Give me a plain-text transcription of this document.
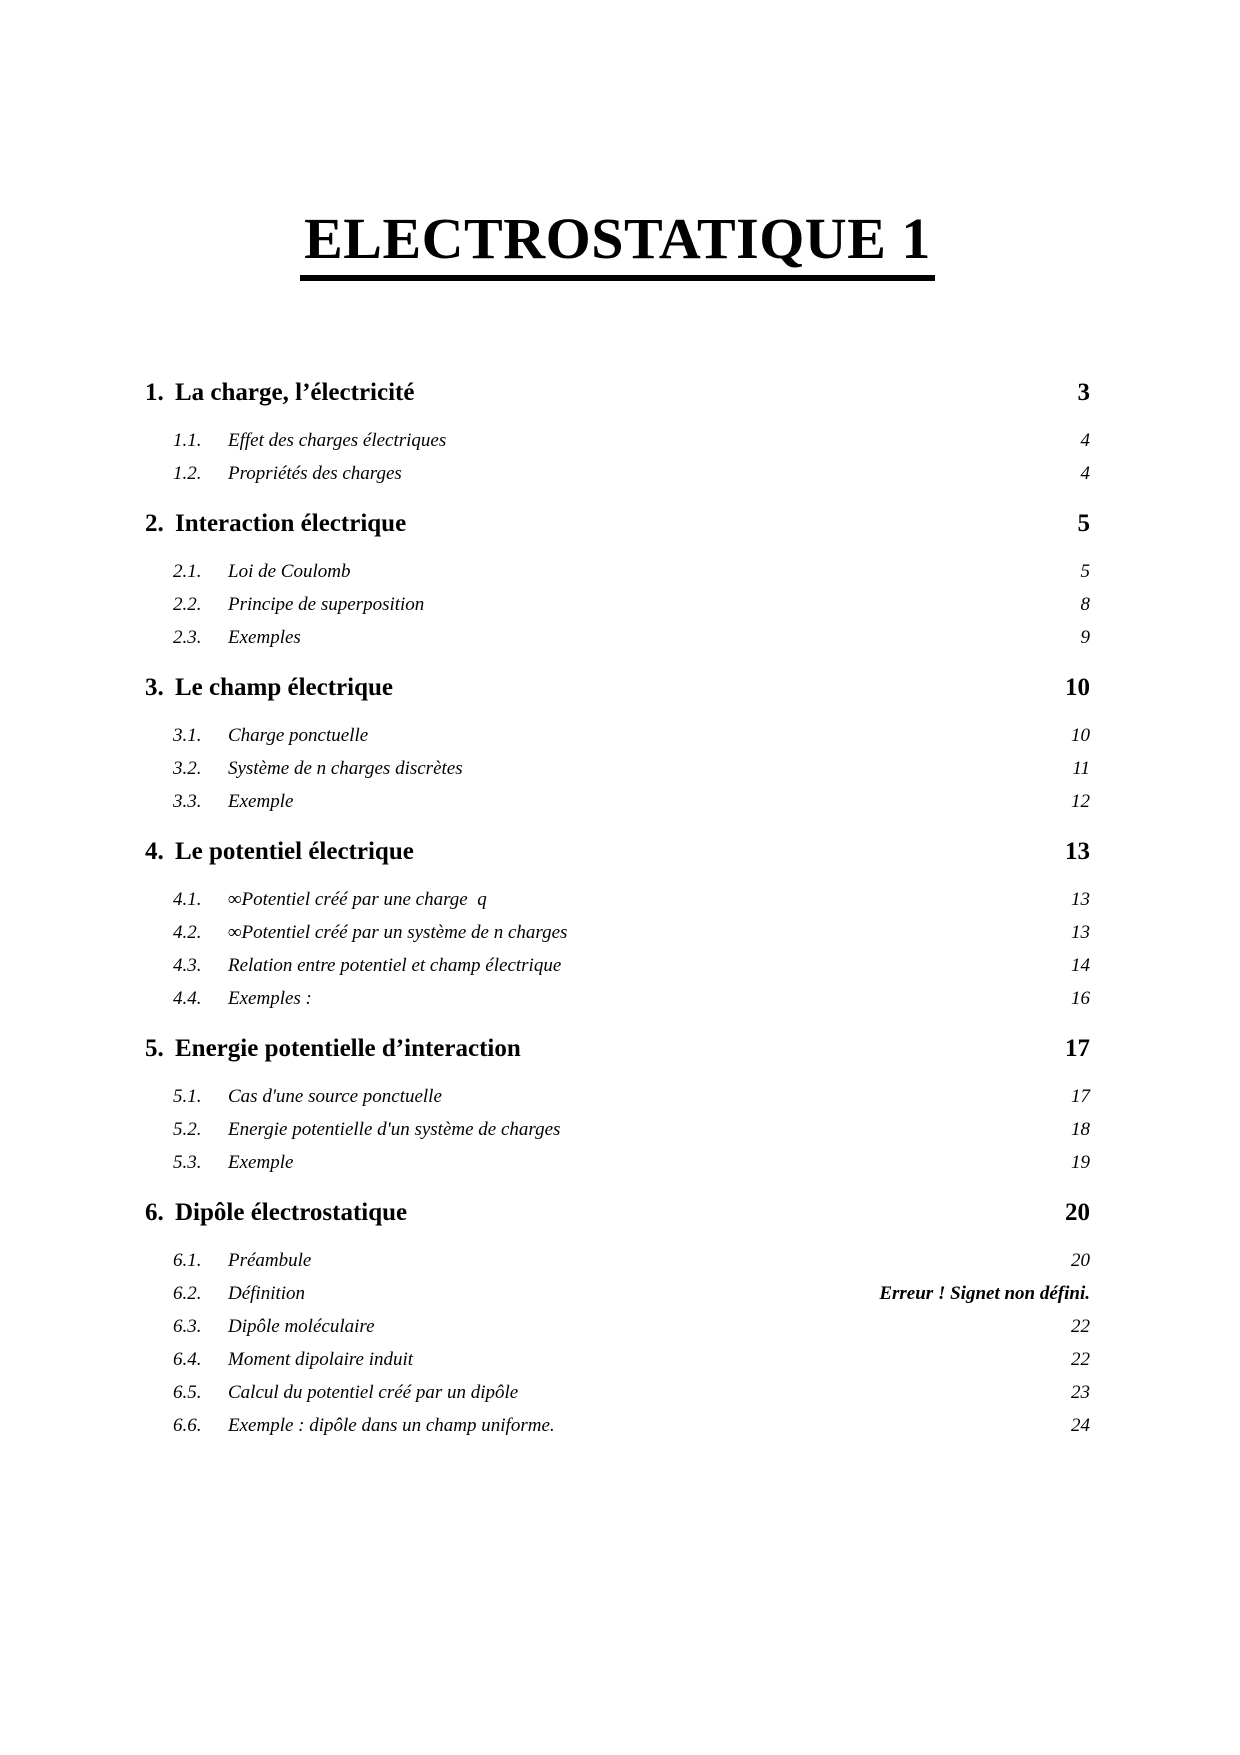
ELECTROSTATIQUE 1
1. La charge, l’électricité	3
1.1.	Effet des charges électriques	4
1.2.	Propriétés des charges	4
2. Interaction électrique	5
2.1.	Loi de Coulomb	5
2.2.	Principe de superposition	8
2.3.	Exemples	9
3. Le champ électrique	10
3.1.	Charge ponctuelle	10
3.2.	Système de n charges discrètes	11
3.3.	Exemple	12
4. Le potentiel électrique	13
4.1.	∞Potentiel créé par une charge  q	13
4.2.	∞Potentiel créé par un système de n charges	13
4.3.	Relation entre potentiel et champ électrique	14
4.4.	Exemples :	16
5. Energie potentielle d’interaction	17
5.1.	Cas d'une source ponctuelle	17
5.2.	Energie potentielle d'un système de charges	18
5.3.	Exemple	19
6. Dipôle électrostatique	20
6.1.	Préambule	20
6.2.	Définition	Erreur ! Signet non défini.
6.3.	Dipôle moléculaire	22
6.4.	Moment dipolaire induit	22
6.5.	Calcul du potentiel créé par un dipôle	23
6.6.	Exemple : dipôle dans un champ uniforme.	24
